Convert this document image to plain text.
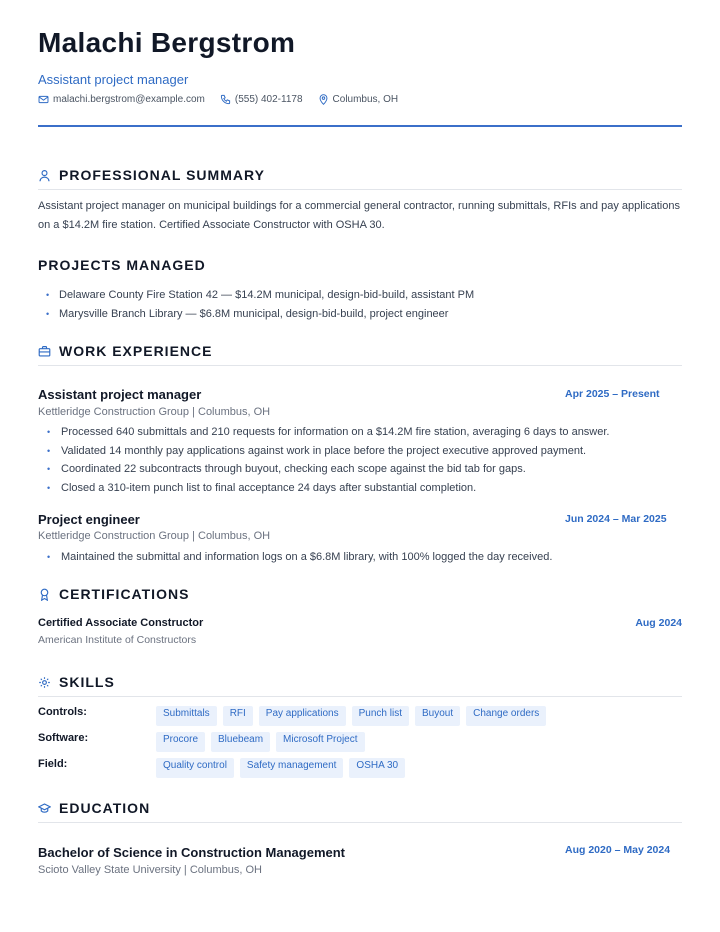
Malachi Bergstrom
Assistant project manager
malachi.bergstrom@example.com	(555) 402-1178	Columbus, OH
PROFESSIONAL SUMMARY
Assistant project manager on municipal buildings for a commercial general contractor, running submittals, RFIs and pay applications on a $14.2M fire station. Certified Associate Constructor with OSHA 30.
PROJECTS MANAGED
• Delaware County Fire Station 42 — $14.2M municipal, design-bid-build, assistant PM
• Marysville Branch Library — $6.8M municipal, design-bid-build, project engineer
WORK EXPERIENCE
Assistant project manager	Apr 2025 – Present
Kettleridge Construction Group | Columbus, OH
• Processed 640 submittals and 210 requests for information on a $14.2M fire station, averaging 6 days to answer.
• Validated 14 monthly pay applications against work in place before the project executive approved payment.
• Coordinated 22 subcontracts through buyout, checking each scope against the bid tab for gaps.
• Closed a 310-item punch list to final acceptance 24 days after substantial completion.
Project engineer	Jun 2024 – Mar 2025
Kettleridge Construction Group | Columbus, OH
• Maintained the submittal and information logs on a $6.8M library, with 100% logged the day received.
CERTIFICATIONS
Certified Associate Constructor
American Institute of Constructors
Aug 2024
SKILLS
Controls:	Submittals	RFI	Pay applications	Punch list	Buyout	Change orders
Software:	Procore	Bluebeam	Microsoft Project
Field:	Quality control	Safety management	OSHA 30
EDUCATION
Bachelor of Science in Construction Management
Scioto Valley State University | Columbus, OH
Aug 2020 – May 2024
